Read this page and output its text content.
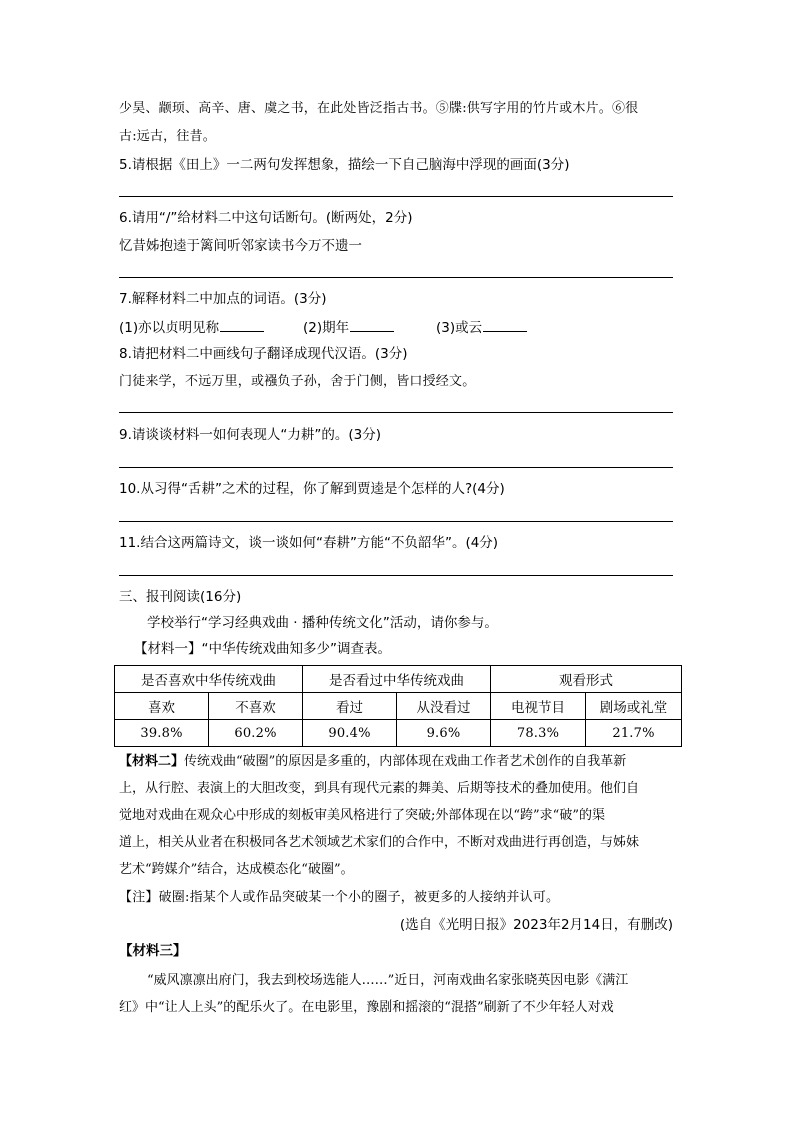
少昊、颛顼、高辛、唐、虞之书，在此处皆泛指古书。⑤牒:供写字用的竹片或木片。⑥很
古:远古，往昔。
5.请根据《田上》一二两句发挥想象，描绘一下自己脑海中浮现的画面(3分)
6.请用“/”给材料二中这句话断句。(断两处，2分)
忆昔姊抱逵于篱间听邻家读书今万不遗一
7.解释材料二中加点的词语。(3分)
(1)亦以贞明见称	(2)期年	(3)或云
8.请把材料二中画线句子翻译成现代汉语。(3分)
门徒来学，不远万里，或襁负子孙，舍于门侧，皆口授经文。
9.请谈谈材料一如何表现人“力耕”的。(3分)
10.从习得“舌耕”之术的过程，你了解到贾逵是个怎样的人?(4分)
11.结合这两篇诗文，谈一谈如何“春耕”方能“不负韶华”。(4分)
三、报刊阅读(16分)
学校举行“学习经典戏曲 · 播种传统文化”活动，请你参与。
【材料一】“中华传统戏曲知多少”调查表。
是否喜欢中华传统戏曲		是否看过中华传统戏曲		观看形式	
喜欢	不喜欢	看过	从没看过	电视节目	剧场或礼堂
39.8%	60.2%	90.4%	9.6%	78.3%	21.7%
【材料二】传统戏曲“破圈”的原因是多重的，内部体现在戏曲工作者艺术创作的自我革新
上，从行腔、表演上的大胆改变，到具有现代元素的舞美、后期等技术的叠加使用。他们自
觉地对戏曲在观众心中形成的刻板审美风格进行了突破;外部体现在以“跨”求“破”的渠
道上，相关从业者在积极同各艺术领域艺术家们的合作中，不断对戏曲进行再创造，与姊妹
艺术“跨媒介”结合，达成模态化“破圈”。
【注】破圈:指某个人或作品突破某一个小的圈子，被更多的人接纳并认可。
(选自《光明日报》2023年2月14日，有删改)
【材料三】
“威风凛凛出府门，我去到校场选能人……”近日，河南戏曲名家张晓英因电影《满江
红》中“让人上头”的配乐火了。在电影里，豫剧和摇滚的“混搭”刷新了不少年轻人对戏
